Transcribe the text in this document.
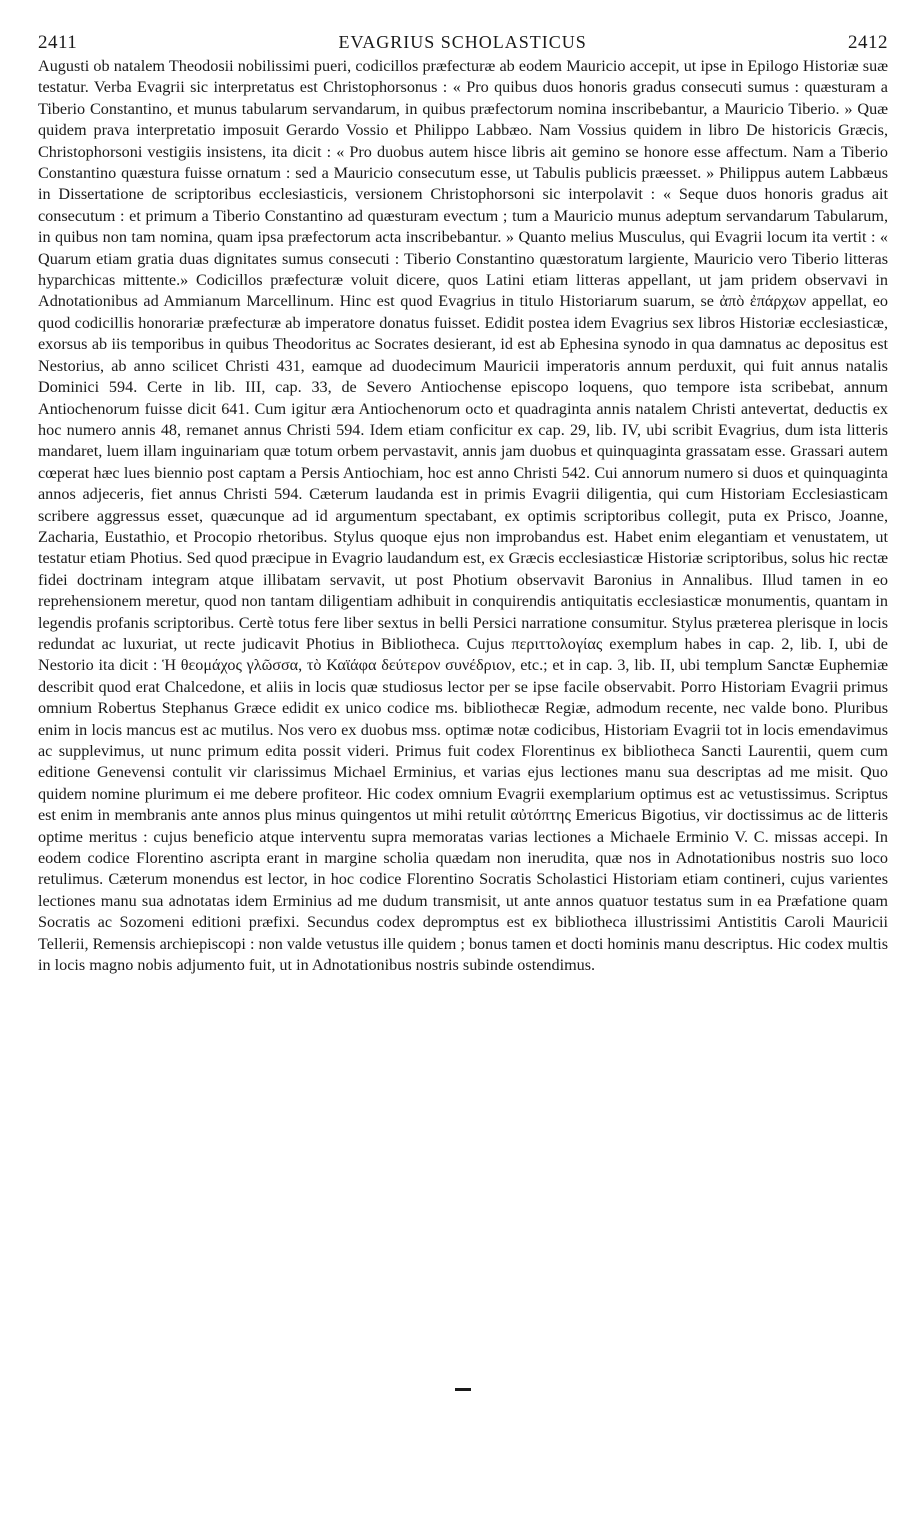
2411	EVAGRIUS SCHOLASTICUS	2412
Augusti ob natalem Theodosii nobilissimi pueri, codicillos præfecturæ ab eodem Mauricio accepit, ut ipse in Epilogo Historiæ suæ testatur. Verba Evagrii sic interpretatus est Christophorsonus : « Pro quibus duos honoris gradus consecuti sumus : quæsturam a Tiberio Constantino, et munus tabularum servandarum, in quibus præfectorum nomina inscribebantur, a Mauricio Tiberio. » Quæ quidem prava interpretatio imposuit Gerardo Vossio et Philippo Labbæo. Nam Vossius quidem in libro De historicis Græcis, Christophorsoni vestigiis insistens, ita dicit : « Pro duobus autem hisce libris ait gemino se honore esse affectum. Nam a Tiberio Constantino quæstura fuisse ornatum : sed a Mauricio consecutum esse, ut Tabulis publicis præesset. » Philippus autem Labbæus in Dissertatione de scriptoribus ecclesiasticis, versionem Christophorsoni sic interpolavit : « Seque duos honoris gradus ait consecutum : et primum a Tiberio Constantino ad quæsturam evectum ; tum a Mauricio munus adeptum servandarum Tabularum, in quibus non tam nomina, quam ipsa præfectorum acta inscribebantur. » Quanto melius Musculus, qui Evagrii locum ita vertit : « Quarum etiam gratia duas dignitates sumus consecuti : Tiberio Constantino quæstoratum largiente, Mauricio vero Tiberio litteras hyparchicas mittente.» Codicillos præfecturæ voluit dicere, quos Latini etiam litteras appellant, ut jam pridem observavi in Adnotationibus ad Ammianum Marcellinum. Hinc est quod Evagrius in titulo Historiarum suarum, se ἀπὸ ἐπάρχων appellat, eo quod codicillis honorariæ præfecturæ ab imperatore donatus fuisset. Edidit postea idem Evagrius sex libros Historiæ ecclesiasticæ, exorsus ab iis temporibus in quibus Theodoritus ac Socrates desierant, id est ab Ephesina synodo in qua damnatus ac depositus est Nestorius, ab anno scilicet Christi 431, eamque ad duodecimum Mauricii imperatoris annum perduxit, qui fuit annus natalis Dominici 594. Certe in lib. III, cap. 33, de Severo Antiochense episcopo loquens, quo tempore ista scribebat, annum Antiochenorum fuisse dicit 641. Cum igitur æra Antiochenorum octo et quadraginta annis natalem Christi antevertat, deductis ex hoc numero annis 48, remanet annus Christi 594. Idem etiam conficitur ex cap. 29, lib. IV, ubi scribit Evagrius, dum ista litteris mandaret, luem illam inguinariam quæ totum orbem pervastavit, annis jam duobus et quinquaginta grassatam esse. Grassari autem cœperat hæc lues biennio post captam a Persis Antiochiam, hoc est anno Christi 542. Cui annorum numero si duos et quinquaginta annos adjeceris, fiet annus Christi 594. Cæterum laudanda est in primis Evagrii diligentia, qui cum Historiam Ecclesiasticam scribere aggressus esset, quæcunque ad id argumentum spectabant, ex optimis scriptoribus collegit, puta ex Prisco, Joanne, Zacharia, Eustathio, et Procopio rhetoribus. Stylus quoque ejus non improbandus est. Habet enim elegantiam et venustatem, ut testatur etiam Photius. Sed quod præcipue in Evagrio laudandum est, ex Græcis ecclesiasticæ Historiæ scriptoribus, solus hic rectæ fidei doctrinam integram atque illibatam servavit, ut post Photium observavit Baronius in Annalibus. Illud tamen in eo reprehensionem meretur, quod non tantam diligentiam adhibuit in conquirendis antiquitatis ecclesiasticæ monumentis, quantam in legendis profanis scriptoribus. Certè totus fere liber sextus in belli Persici narratione consumitur. Stylus præterea plerisque in locis redundat ac luxuriat, ut recte judicavit Photius in Bibliotheca. Cujus περιττολογίας exemplum habes in cap. 2, lib. I, ubi de Nestorio ita dicit : Ἡ θεομάχος γλῶσσα, τὸ Καϊάφα δεύτερον συνέδριον, etc.; et in cap. 3, lib. II, ubi templum Sanctæ Euphemiæ describit quod erat Chalcedone, et aliis in locis quæ studiosus lector per se ipse facile observabit. Porro Historiam Evagrii primus omnium Robertus Stephanus Græce edidit ex unico codice ms. bibliothecæ Regiæ, admodum recente, nec valde bono. Pluribus enim in locis mancus est ac mutilus. Nos vero ex duobus mss. optimæ notæ codicibus, Historiam Evagrii tot in locis emendavimus ac supplevimus, ut nunc primum edita possit videri. Primus fuit codex Florentinus ex bibliotheca Sancti Laurentii, quem cum editione Genevensi contulit vir clarissimus Michael Erminius, et varias ejus lectiones manu sua descriptas ad me misit. Quo quidem nomine plurimum ei me debere profiteor. Hic codex omnium Evagrii exemplarium optimus est ac vetustissimus. Scriptus est enim in membranis ante annos plus minus quingentos ut mihi retulit αὐτόπτης Emericus Bigotius, vir doctissimus ac de litteris optime meritus : cujus beneficio atque interventu supra memoratas varias lectiones a Michaele Erminio V. C. missas accepi. In eodem codice Florentino ascripta erant in margine scholia quædam non inerudita, quæ nos in Adnotationibus nostris suo loco retulimus. Cæterum monendus est lector, in hoc codice Florentino Socratis Scholastici Historiam etiam contineri, cujus varientes lectiones manu sua adnotatas idem Erminius ad me dudum transmisit, ut ante annos quatuor testatus sum in ea Præfatione quam Socratis ac Sozomeni editioni præfixi. Secundus codex depromptus est ex bibliotheca illustrissimi Antistitis Caroli Mauricii Tellerii, Remensis archiepiscopi : non valde vetustus ille quidem ; bonus tamen et docti hominis manu descriptus. Hic codex multis in locis magno nobis adjumento fuit, ut in Adnotationibus nostris subinde ostendimus.
